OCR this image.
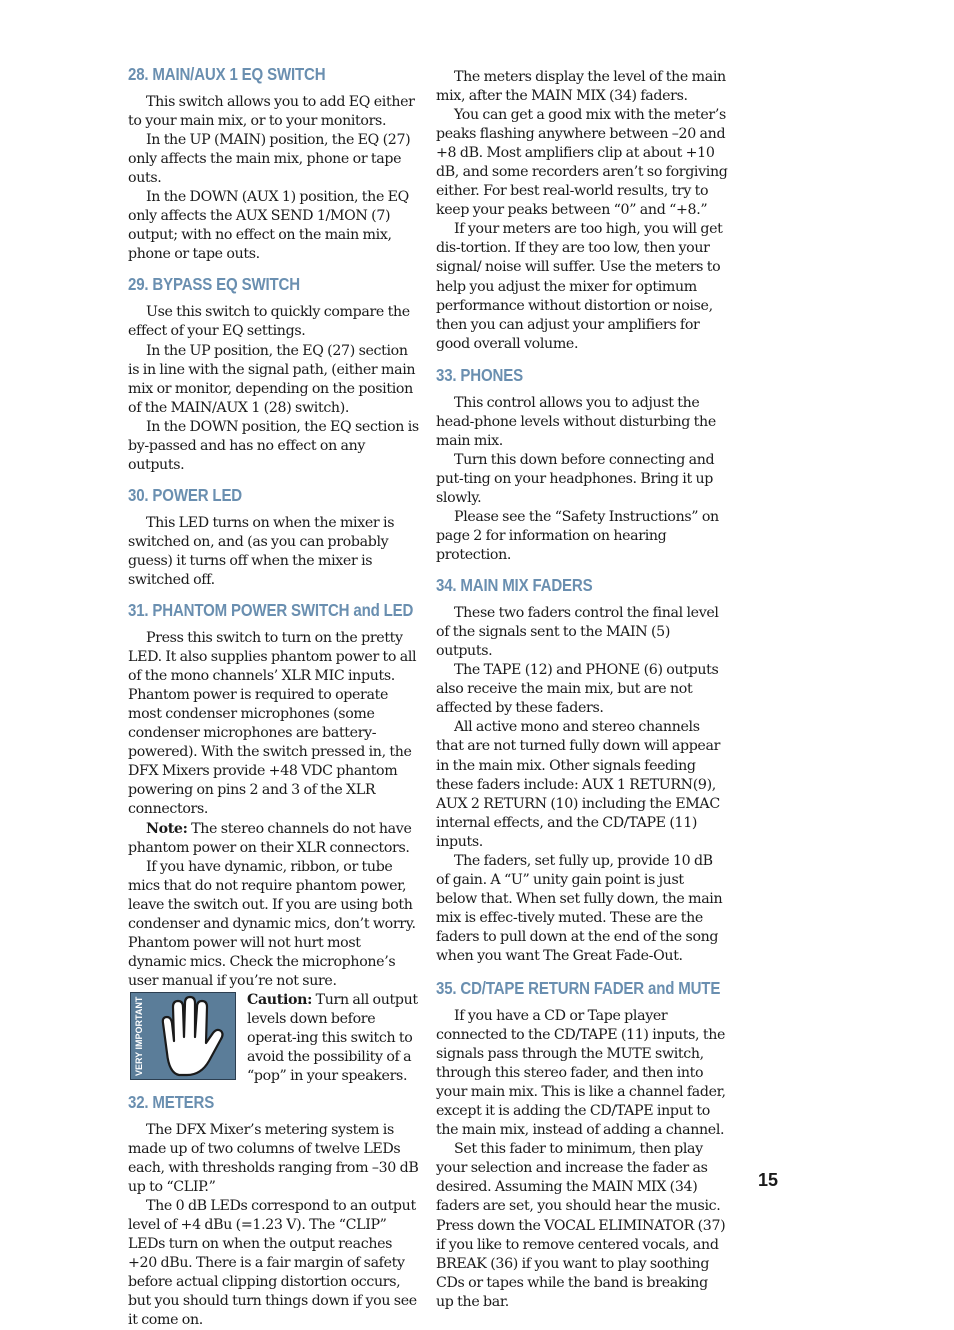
28. MAIN/AUX 1 EQ SWITCH

This switch allows you to add EQ either to your main mix, or to your monitors.

In the UP (MAIN) position, the EQ (27) only affects the main mix, phone or tape outs.

In the DOWN (AUX 1) position, the EQ only affects the AUX SEND 1/MON (7) output; with no effect on the main mix, phone or tape outs.

29. BYPASS EQ SWITCH

Use this switch to quickly compare the effect of your EQ settings.

In the UP position, the EQ (27) section is in line with the signal path, (either main mix or monitor, depending on the position of the MAIN/AUX 1 (28) switch).

In the DOWN position, the EQ section is by-passed and has no effect on any outputs.

30. POWER LED

This LED turns on when the mixer is switched on, and (as you can probably guess) it turns off when the mixer is switched off.

31. PHANTOM POWER SWITCH and LED

Press this switch to turn on the pretty LED. It also supplies phantom power to all of the mono channels’ XLR MIC inputs. Phantom power is required to operate most condenser microphones (some condenser microphones are battery-powered). With the switch pressed in, the DFX Mixers provide +48 VDC phantom powering on pins 2 and 3 of the XLR connectors.

Note: The stereo channels do not have phantom power on their XLR connectors.

If you have dynamic, ribbon, or tube mics that do not require phantom power, leave the switch out. If you are using both condenser and dynamic mics, don’t worry. Phantom power will not hurt most dynamic mics. Check the microphone’s user manual if you’re not sure.

VERY IMPORTANT	Caution: Turn all output levels down before operat-ing this switch to avoid the possibility of a “pop” in your speakers.

32. METERS

The DFX Mixer’s metering system is made up of two columns of twelve LEDs each, with thresholds ranging from –30 dB up to “CLIP.”

The 0 dB LEDs correspond to an output level of +4 dBu (=1.23 V). The “CLIP” LEDs turn on when the output reaches +20 dBu. There is a fair margin of safety before actual clipping distortion occurs, but you should turn things down if you see it come on.

The meters display the level of the main mix, after the MAIN MIX (34) faders.

You can get a good mix with the meter’s peaks flashing anywhere between –20 and +8 dB. Most amplifiers clip at about +10 dB, and some recorders aren’t so forgiving either. For best real-world results, try to keep your peaks between “0” and “+8.”

If your meters are too high, you will get dis-tortion. If they are too low, then your signal/ noise will suffer. Use the meters to help you adjust the mixer for optimum performance without distortion or noise, then you can adjust your amplifiers for good overall volume.

33. PHONES

This control allows you to adjust the head-phone levels without disturbing the main mix.

Turn this down before connecting and put-ting on your headphones. Bring it up slowly.

Please see the “Safety Instructions” on page 2 for information on hearing protection.

34. MAIN MIX FADERS

These two faders control the final level of the signals sent to the MAIN (5) outputs.

The TAPE (12) and PHONE (6) outputs also receive the main mix, but are not affected by these faders.

All active mono and stereo channels that are not turned fully down will appear in the main mix. Other signals feeding these faders include: AUX 1 RETURN(9), AUX 2 RETURN (10) including the EMAC internal effects, and the CD/TAPE (11) inputs.

The faders, set fully up, provide 10 dB of gain. A “U” unity gain point is just below that. When set fully down, the main mix is effec-tively muted. These are the faders to pull down at the end of the song when you want The Great Fade-Out.

35. CD/TAPE RETURN FADER and MUTE

If you have a CD or Tape player connected to the CD/TAPE (11) inputs, the signals pass through the MUTE switch, through this stereo fader, and then into your main mix. This is like a channel fader, except it is adding the CD/TAPE input to the main mix, instead of adding a channel.

Set this fader to minimum, then play your selection and increase the fader as desired. Assuming the MAIN MIX (34) faders are set, you should hear the music. Press down the VOCAL ELIMINATOR (37) if you like to remove centered vocals, and BREAK (36) if you want to play soothing CDs or tapes while the band is breaking up the bar.

15
